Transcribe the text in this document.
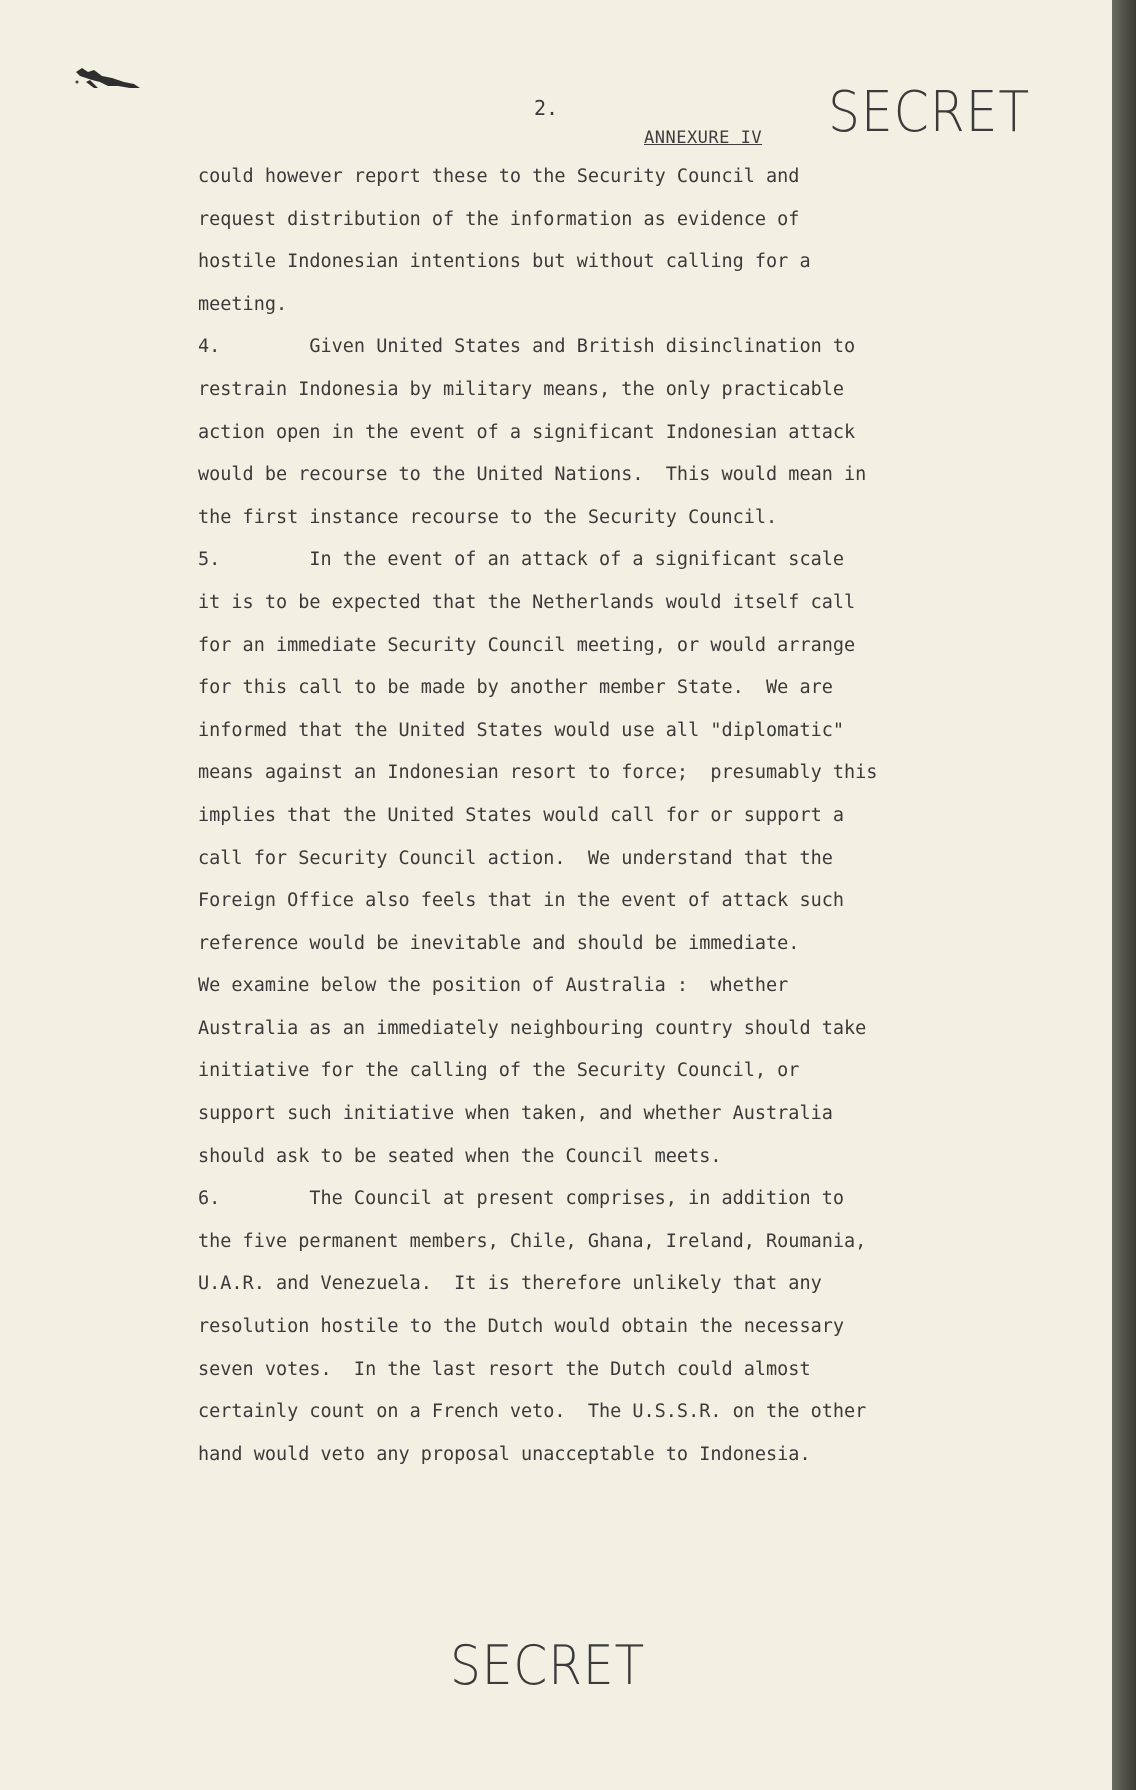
2.
ANNEXURE IV SECRET
could however report these to the Security Council and
request distribution of the information as evidence of
hostile Indonesian intentions but without calling for a
meeting.
4.        Given United States and British disinclination to
restrain Indonesia by military means, the only practicable
action open in the event of a significant Indonesian attack
would be recourse to the United Nations.  This would mean in
the first instance recourse to the Security Council.
5.        In the event of an attack of a significant scale
it is to be expected that the Netherlands would itself call
for an immediate Security Council meeting, or would arrange
for this call to be made by another member State.  We are
informed that the United States would use all "diplomatic"
means against an Indonesian resort to force;  presumably this
implies that the United States would call for or support a
call for Security Council action.  We understand that the
Foreign Office also feels that in the event of attack such
reference would be inevitable and should be immediate.
We examine below the position of Australia :  whether
Australia as an immediately neighbouring country should take
initiative for the calling of the Security Council, or
support such initiative when taken, and whether Australia
should ask to be seated when the Council meets.
6.        The Council at present comprises, in addition to
the five permanent members, Chile, Ghana, Ireland, Roumania,
U.A.R. and Venezuela.  It is therefore unlikely that any
resolution hostile to the Dutch would obtain the necessary
seven votes.  In the last resort the Dutch could almost
certainly count on a French veto.  The U.S.S.R. on the other
hand would veto any proposal unacceptable to Indonesia.
SECRET
